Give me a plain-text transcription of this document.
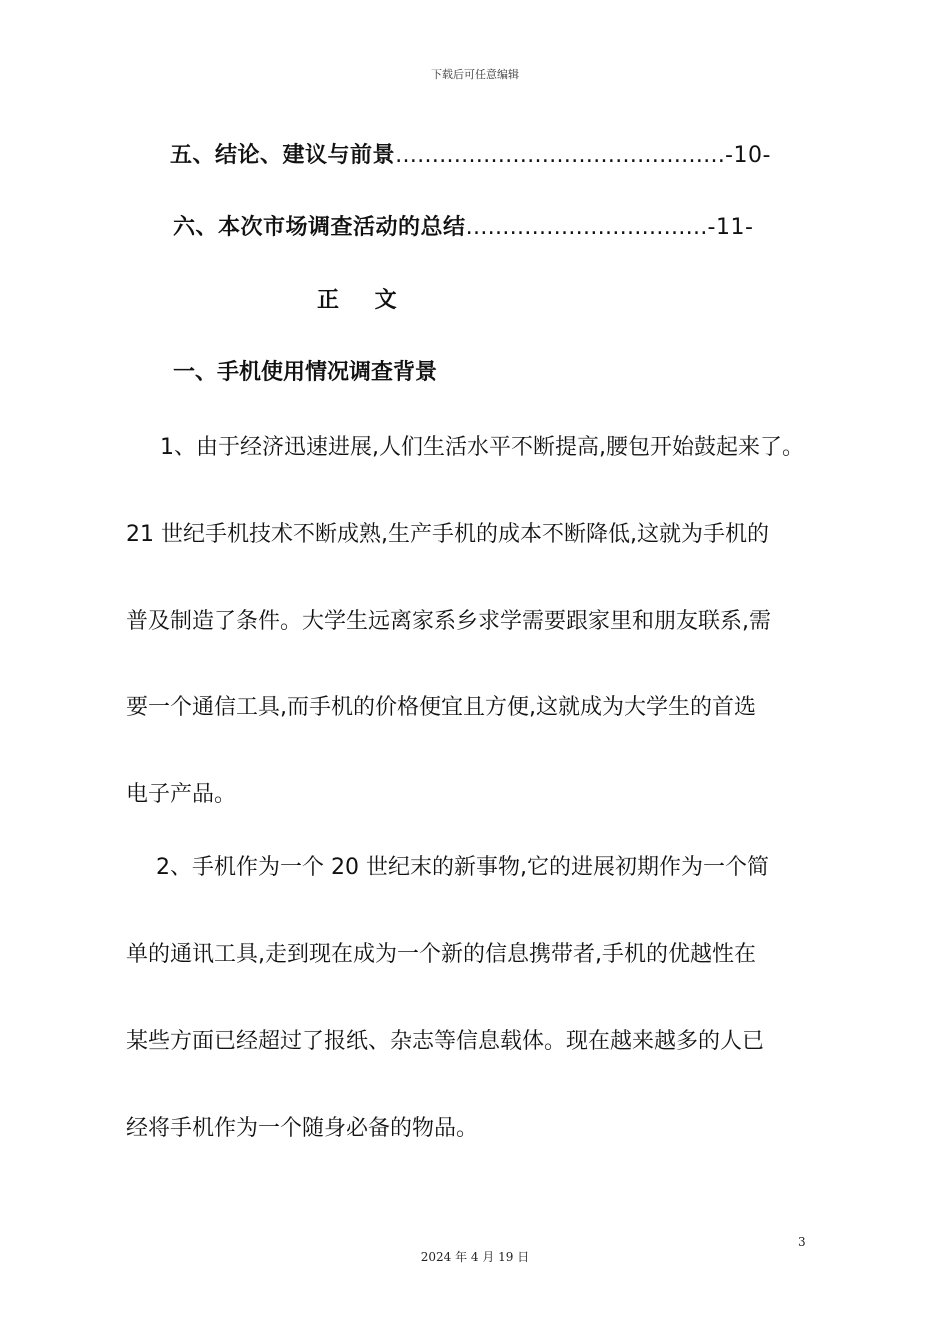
下载后可任意编辑
五、结论、建议与前景………………………………………-10-
六、本次市场调查活动的总结……………………………-11-
正 文
一、手机使用情况调查背景
1、由于经济迅速进展,人们生活水平不断提高,腰包开始鼓起来了。
21 世纪手机技术不断成熟,生产手机的成本不断降低,这就为手机的
普及制造了条件。大学生远离家系乡求学需要跟家里和朋友联系,需
要一个通信工具,而手机的价格便宜且方便,这就成为大学生的首选
电子产品。
2、手机作为一个 20 世纪末的新事物,它的进展初期作为一个简
单的通讯工具,走到现在成为一个新的信息携带者,手机的优越性在
某些方面已经超过了报纸、杂志等信息载体。现在越来越多的人已
经将手机作为一个随身必备的物品。
3
2024 年 4 月 19 日
